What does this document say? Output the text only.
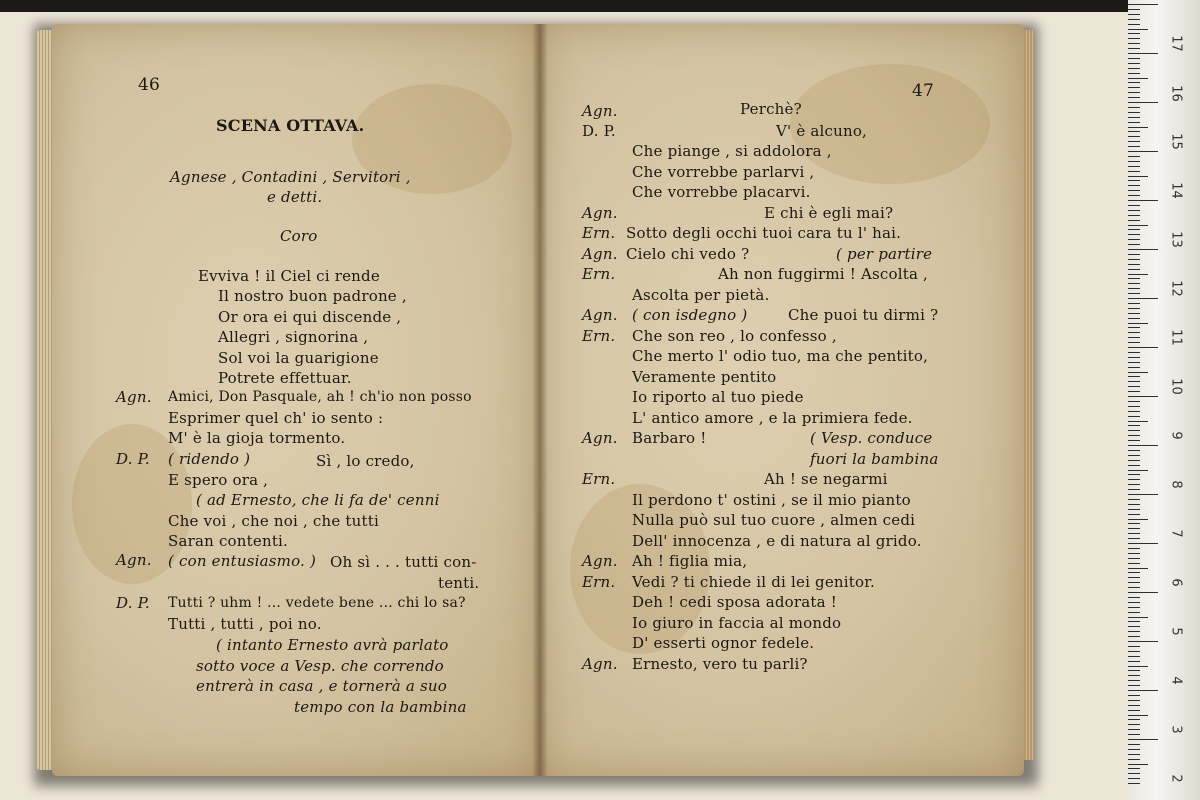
46
SCENA OTTAVA.
Agnese , Contadini , Servitori ,
e detti.
Coro
Evviva ! il Ciel ci rende
Il nostro buon padrone ,
Or ora ei qui discende ,
Allegri , signorina ,
Sol voi la guarigione
Potrete effettuar.
Agn. Amici, Don Pasquale, ah ! ch'io non posso
Esprimer quel ch' io sento :
M' è la gioja tormento.
D. P. ( ridendo )	Sì , lo credo,
E spero ora ,
( ad Ernesto, che li fa de' cenni
Che voi , che noi , che tutti
Saran contenti.
Agn. ( con entusiasmo. ) Oh sì . . . tutti con-
tenti.
D. P. Tutti ? uhm ! ... vedete bene ... chi lo sa?
Tutti , tutti , poi no.
( intanto Ernesto avrà parlato
sotto voce a Vesp. che correndo
entrerà in casa , e tornerà a suo
tempo con la bambina
47
Agn.	Perchè?
D. P.	V' è alcuno,
Che piange , si addolora ,
Che vorrebbe parlarvi ,
Che vorrebbe placarvi.
Agn.	E chi è egli mai?
Ern. Sotto degli occhi tuoi cara tu l' hai.
Agn. Cielo chi vedo ?	( per partire
Ern.	Ah non fuggirmi ! Ascolta ,
Ascolta per pietà.
Agn. ( con isdegno )	Che puoi tu dirmi ?
Ern. Che son reo , lo confesso ,
Che merto l' odio tuo, ma che pentito,
Veramente pentito
Io riporto al tuo piede
L' antico amore , e la primiera fede.
Agn. Barbaro !	( Vesp. conduce
fuori la bambina
Ern.	Ah ! se negarmi
Il perdono t' ostini , se il mio pianto
Nulla può sul tuo cuore , almen cedi
Dell' innocenza , e di natura al grido.
Agn. Ah ! figlia mia,
Ern. Vedi ? ti chiede il di lei genitor.
Deh ! cedi sposa adorata !
Io giuro in faccia al mondo
D' esserti ognor fedele.
Agn. Ernesto, vero tu parli?
17
16
15
14
13
12
11
10
9
8
7
6
5
4
3
2
